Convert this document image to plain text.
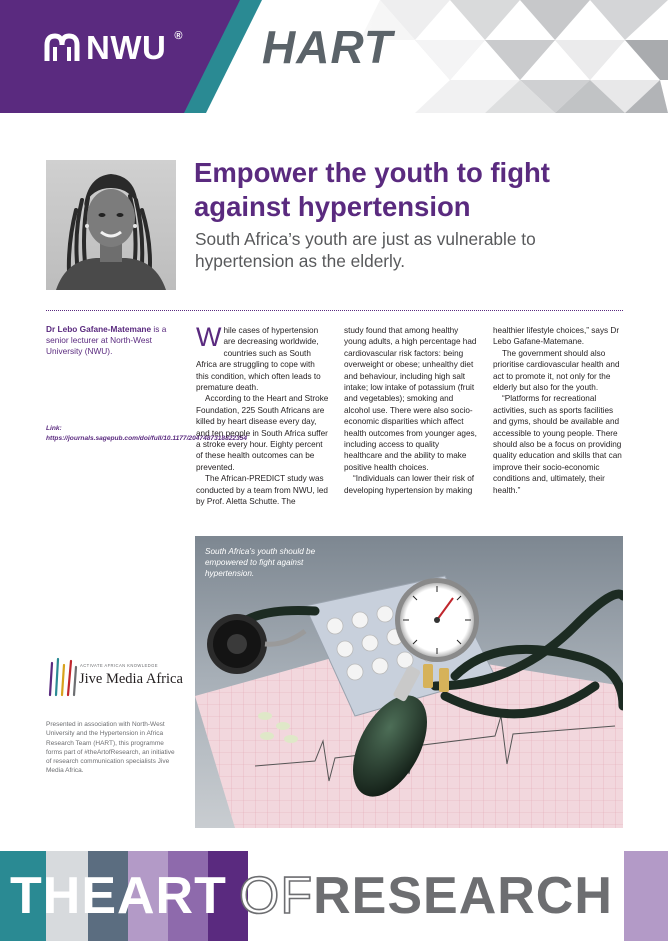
NWU ® HART
Empower the youth to fight against hypertension

South Africa’s youth are just as vulnerable to hypertension as the elderly.

Dr Lebo Gafane-Matemane is a senior lecturer at North-West University (NWU).

Link: https://journals.sagepub.com/doi/full/10.1177/2047487318822354

While cases of hypertension are decreasing worldwide, countries such as South Africa are struggling to cope with this condition, which often leads to premature death.

According to the Heart and Stroke Foundation, 225 South Africans are killed by heart disease every day, and ten people in South Africa suffer a stroke every hour. Eighty percent of these health outcomes can be prevented.

The African-PREDICT study was conducted by a team from NWU, led by Prof. Aletta Schutte. The

study found that among healthy young adults, a high percentage had cardiovascular risk factors: being overweight or obese; unhealthy diet and behaviour, including high salt intake; low intake of potassium (fruit and vegetables); smoking and alcohol use. There were also socio-economic disparities which affect health outcomes from younger ages, including access to quality healthcare and the ability to make positive health choices.

“Individuals can lower their risk of developing hypertension by making

healthier lifestyle choices,” says Dr Lebo Gafane-Matemane.

The government should also prioritise cardiovascular health and act to promote it, not only for the elderly but also for the youth.

“Platforms for recreational activities, such as sports facilities and gyms, should be available and accessible to young people. There should also be a focus on providing quality education and skills that can improve their socio-economic conditions and, ultimately, their health.”

South Africa’s youth should be empowered to fight against hypertension.

ACTIVATE AFRICAN KNOWLEDGE
Jive Media Africa

Presented in association with North-West University and the Hypertension in Africa Research Team (HART), this programme forms part of #theArtofResearch, an initiative of research communication specialists Jive Media Africa.

THEART OF RESEARCH
